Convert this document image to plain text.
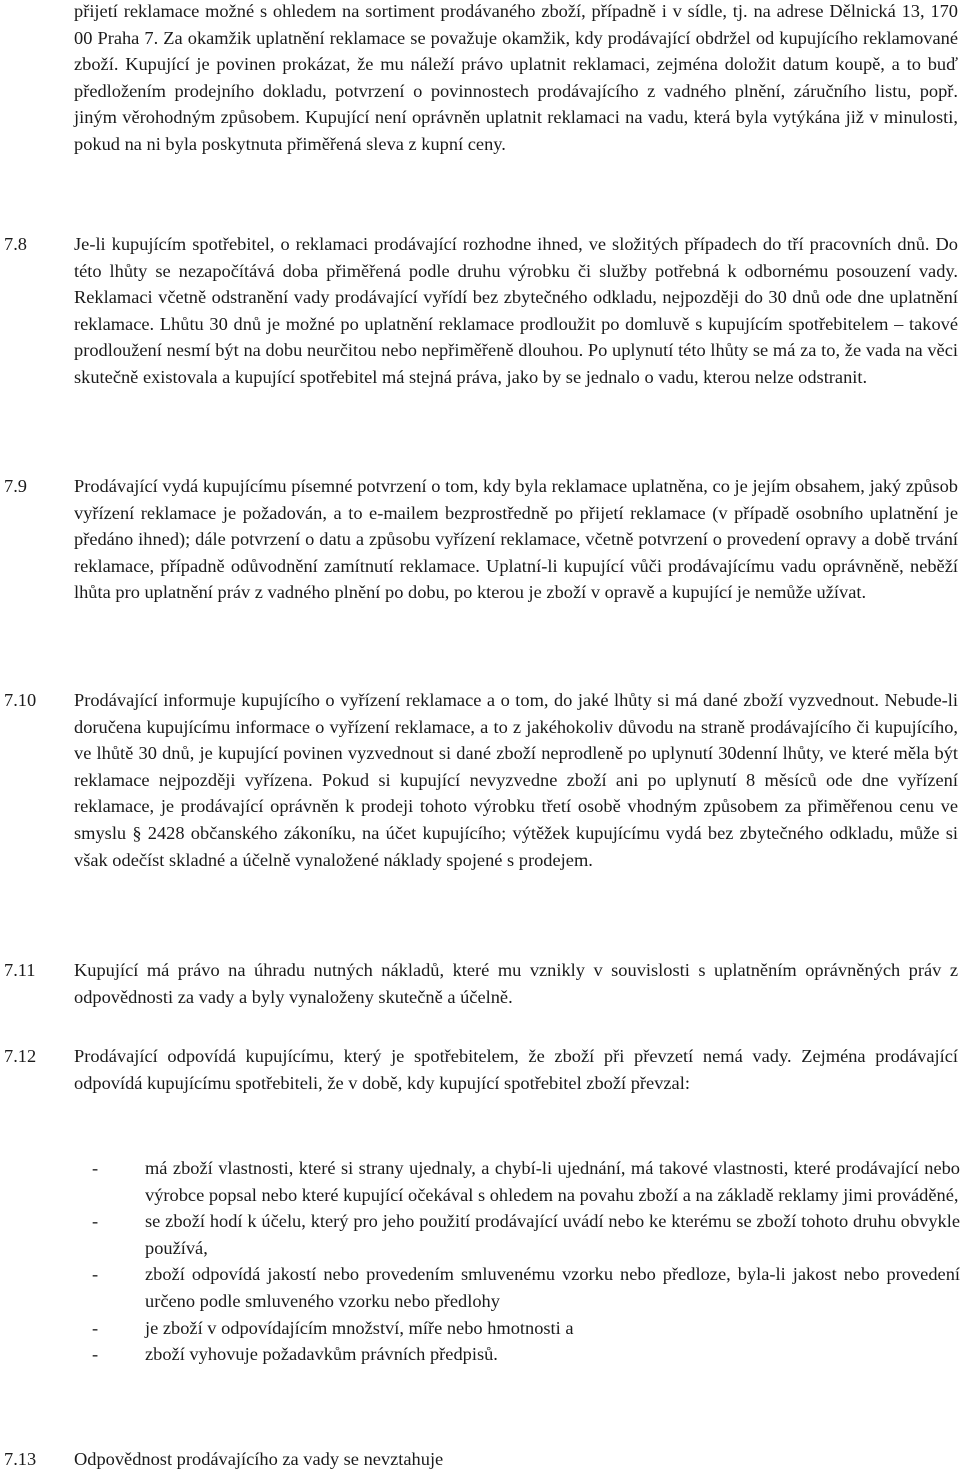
přijetí reklamace možné s ohledem na sortiment prodávaného zboží, případně i v sídle, tj. na adrese Dělnická 13, 170 00 Praha 7. Za okamžik uplatnění reklamace se považuje okamžik, kdy prodávající obdržel od kupujícího reklamované zboží. Kupující je povinen prokázat, že mu náleží právo uplatnit reklamaci, zejména doložit datum koupě, a to buď předložením prodejního dokladu, potvrzení o povinnostech prodávajícího z vadného plnění, záručního listu, popř. jiným věrohodným způsobem. Kupující není oprávněn uplatnit reklamaci na vadu, která byla vytýkána již v minulosti, pokud na ni byla poskytnuta přiměřená sleva z kupní ceny.
7.8	Je-li kupujícím spotřebitel, o reklamaci prodávající rozhodne ihned, ve složitých případech do tří pracovních dnů. Do této lhůty se nezapočítává doba přiměřená podle druhu výrobku či služby potřebná k odbornému posouzení vady. Reklamaci včetně odstranění vady prodávající vyřídí bez zbytečného odkladu, nejpozději do 30 dnů ode dne uplatnění reklamace. Lhůtu 30 dnů je možné po uplatnění reklamace prodloužit po domluvě s kupujícím spotřebitelem – takové prodloužení nesmí být na dobu neurčitou nebo nepřiměřeně dlouhou. Po uplynutí této lhůty se má za to, že vada na věci skutečně existovala a kupující spotřebitel má stejná práva, jako by se jednalo o vadu, kterou nelze odstranit.
7.9	Prodávající vydá kupujícímu písemné potvrzení o tom, kdy byla reklamace uplatněna, co je jejím obsahem, jaký způsob vyřízení reklamace je požadován, a to e-mailem bezprostředně po přijetí reklamace (v případě osobního uplatnění je předáno ihned); dále potvrzení o datu a způsobu vyřízení reklamace, včetně potvrzení o provedení opravy a době trvání reklamace, případně odůvodnění zamítnutí reklamace. Uplatní-li kupující vůči prodávajícímu vadu oprávněně, neběží lhůta pro uplatnění práv z vadného plnění po dobu, po kterou je zboží v opravě a kupující je nemůže užívat.
7.10	Prodávající informuje kupujícího o vyřízení reklamace a o tom, do jaké lhůty si má dané zboží vyzvednout. Nebude-li doručena kupujícímu informace o vyřízení reklamace, a to z jakéhokoliv důvodu na straně prodávajícího či kupujícího, ve lhůtě 30 dnů, je kupující povinen vyzvednout si dané zboží neprodleně po uplynutí 30denní lhůty, ve které měla být reklamace nejpozději vyřízena. Pokud si kupující nevyzvedne zboží ani po uplynutí 8 měsíců ode dne vyřízení reklamace, je prodávající oprávněn k prodeji tohoto výrobku třetí osobě vhodným způsobem za přiměřenou cenu ve smyslu § 2428 občanského zákoníku, na účet kupujícího; výtěžek kupujícímu vydá bez zbytečného odkladu, může si však odečíst skladné a účelně vynaložené náklady spojené s prodejem.
7.11	Kupující má právo na úhradu nutných nákladů, které mu vznikly v souvislosti s uplatněním oprávněných práv z odpovědnosti za vady a byly vynaloženy skutečně a účelně.
7.12	Prodávající odpovídá kupujícímu, který je spotřebitelem, že zboží při převzetí nemá vady. Zejména prodávající odpovídá kupujícímu spotřebiteli, že v době, kdy kupující spotřebitel zboží převzal:
-	má zboží vlastnosti, které si strany ujednaly, a chybí-li ujednání, má takové vlastnosti, které prodávající nebo výrobce popsal nebo které kupující očekával s ohledem na povahu zboží a na základě reklamy jimi prováděné,
-	se zboží hodí k účelu, který pro jeho použití prodávající uvádí nebo ke kterému se zboží tohoto druhu obvykle používá,
-	zboží odpovídá jakostí nebo provedením smluvenému vzorku nebo předloze, byla-li jakost nebo provedení určeno podle smluveného vzorku nebo předlohy
-	je zboží v odpovídajícím množství, míře nebo hmotnosti a
-	zboží vyhovuje požadavkům právních předpisů.
7.13	Odpovědnost prodávajícího za vady se nevztahuje
